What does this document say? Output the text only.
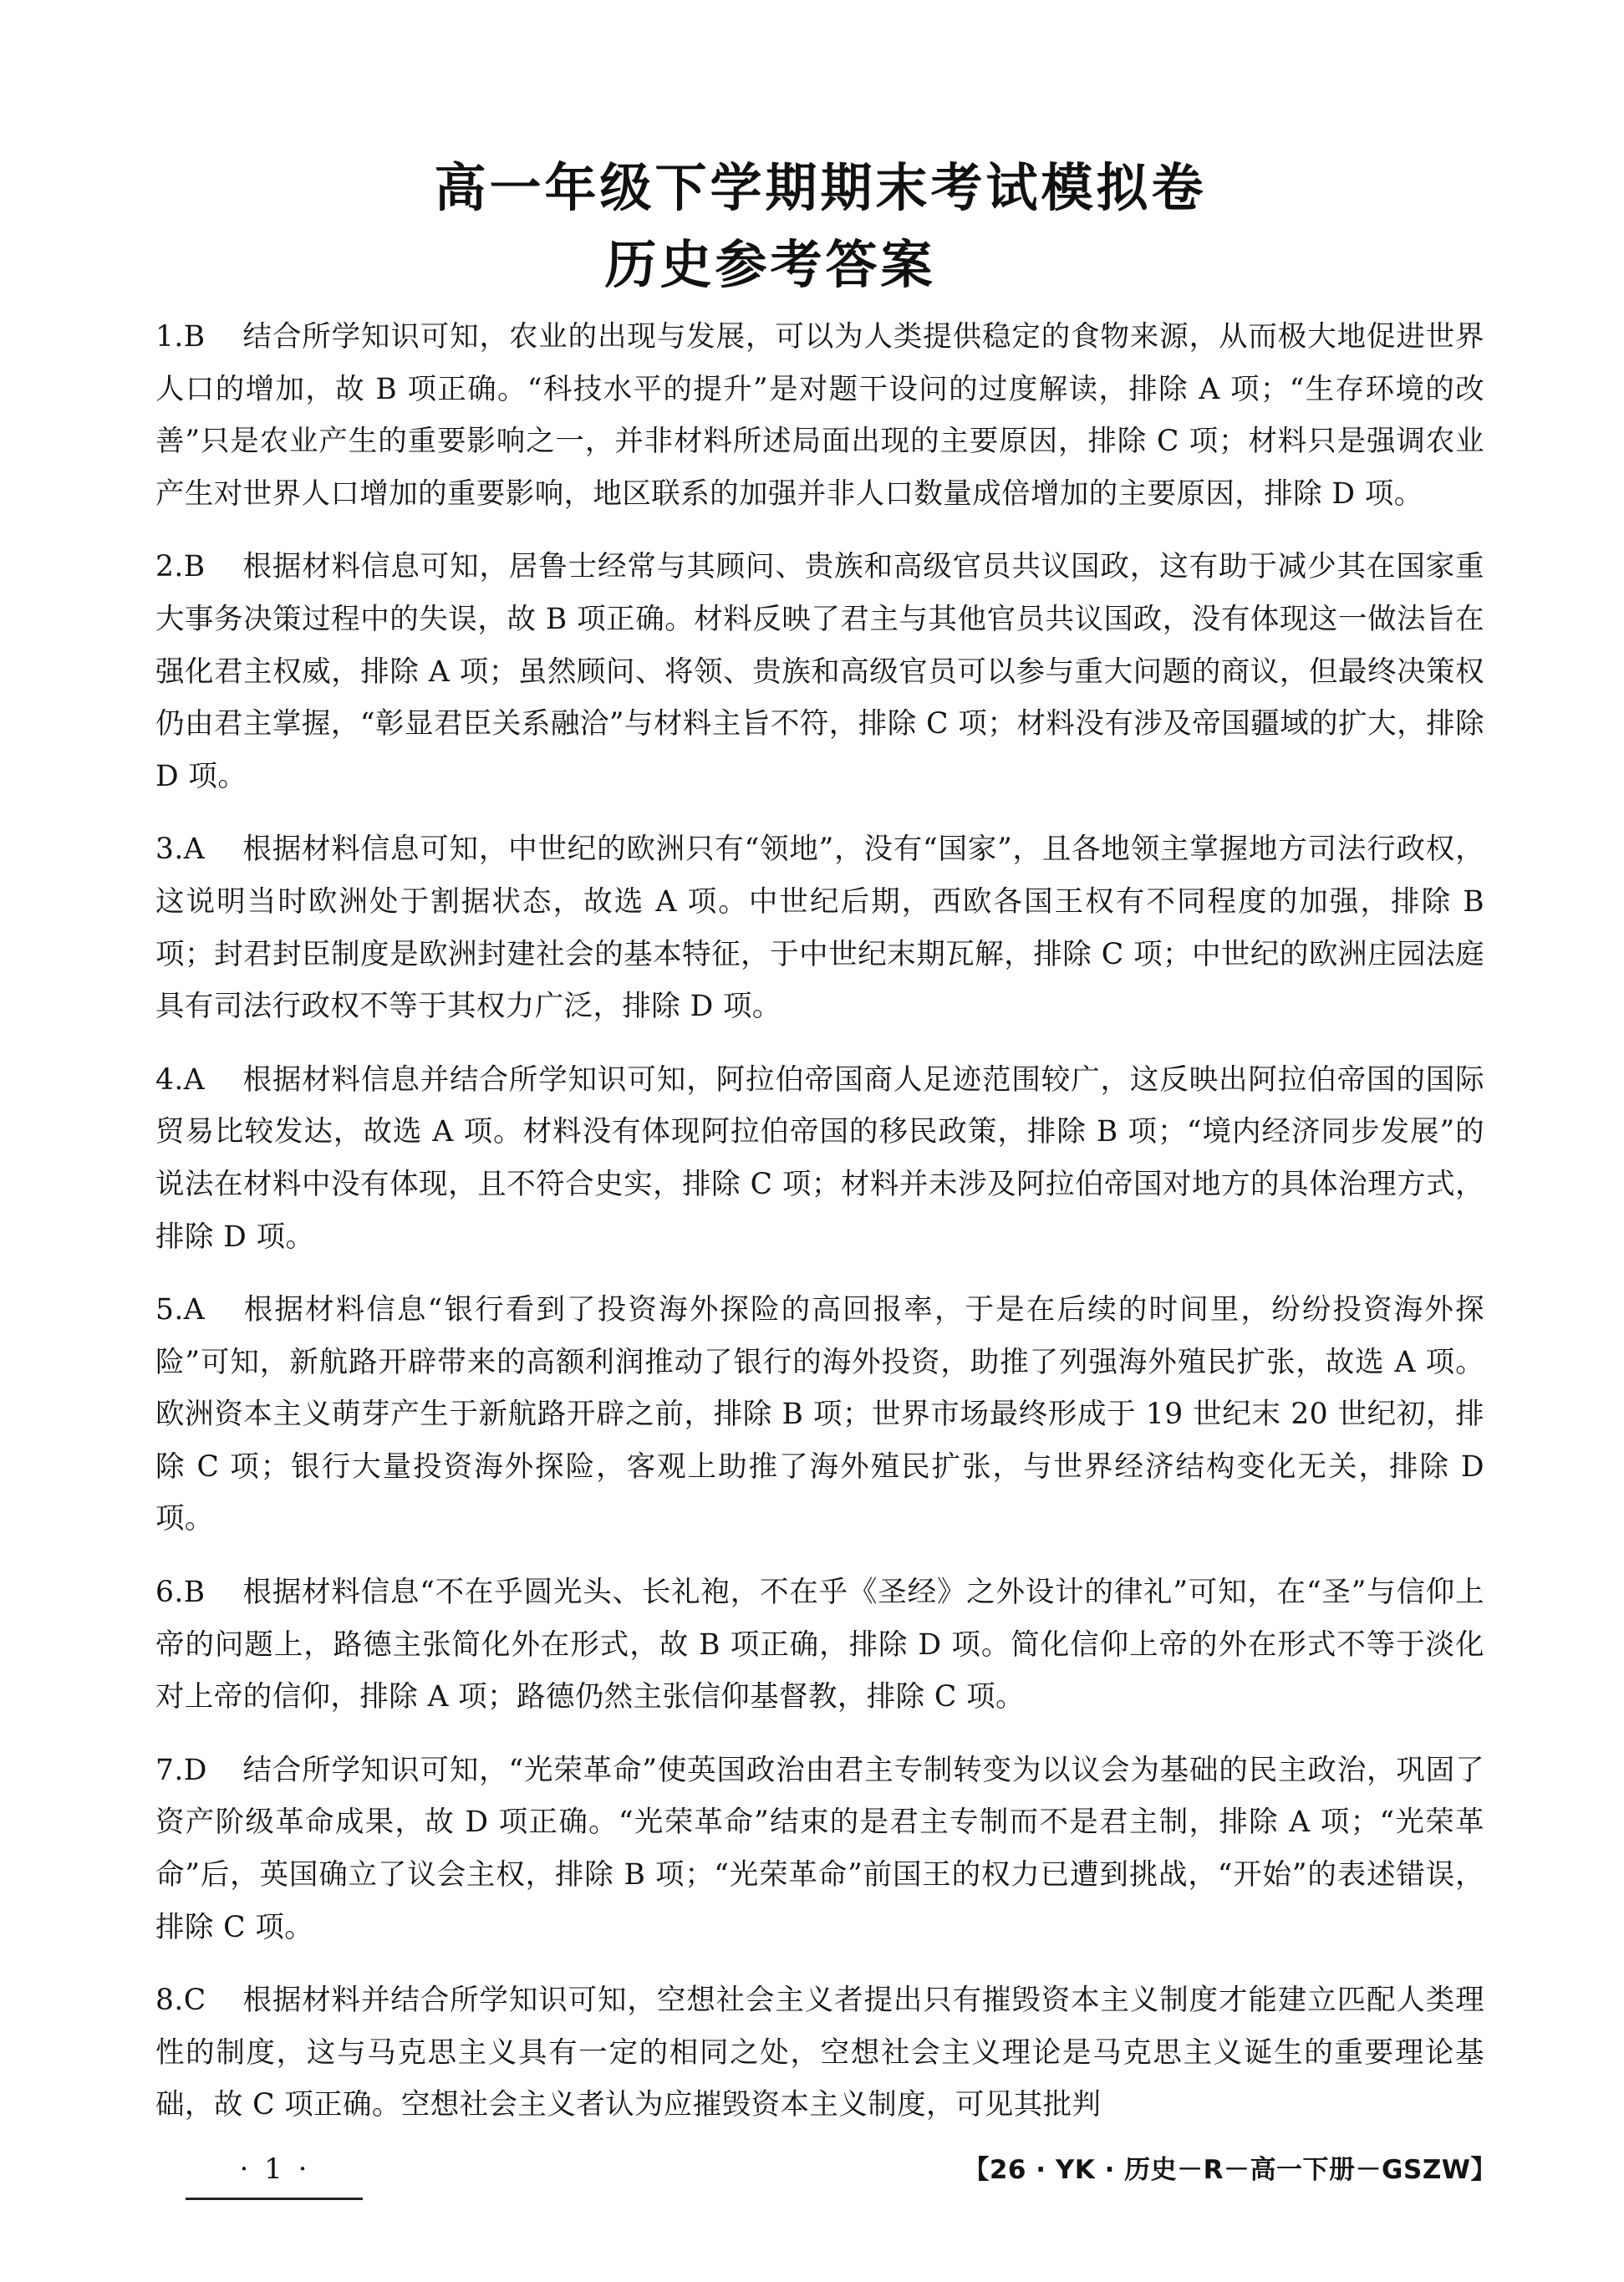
高一年级下学期期末考试模拟卷
历史参考答案

1.B 结合所学知识可知，农业的出现与发展，可以为人类提供稳定的食物来源，从而极大地促进世界人口的增加，故 B 项正确。“科技水平的提升”是对题干设问的过度解读，排除 A 项；“生存环境的改善”只是农业产生的重要影响之一，并非材料所述局面出现的主要原因，排除 C 项；材料只是强调农业产生对世界人口增加的重要影响，地区联系的加强并非人口数量成倍增加的主要原因，排除 D 项。

2.B 根据材料信息可知，居鲁士经常与其顾问、贵族和高级官员共议国政，这有助于减少其在国家重大事务决策过程中的失误，故 B 项正确。材料反映了君主与其他官员共议国政，没有体现这一做法旨在强化君主权威，排除 A 项；虽然顾问、将领、贵族和高级官员可以参与重大问题的商议，但最终决策权仍由君主掌握，“彰显君臣关系融洽”与材料主旨不符，排除 C 项；材料没有涉及帝国疆域的扩大，排除 D 项。

3.A 根据材料信息可知，中世纪的欧洲只有“领地”，没有“国家”，且各地领主掌握地方司法行政权，这说明当时欧洲处于割据状态，故选 A 项。中世纪后期，西欧各国王权有不同程度的加强，排除 B 项；封君封臣制度是欧洲封建社会的基本特征，于中世纪末期瓦解，排除 C 项；中世纪的欧洲庄园法庭具有司法行政权不等于其权力广泛，排除 D 项。

4.A 根据材料信息并结合所学知识可知，阿拉伯帝国商人足迹范围较广，这反映出阿拉伯帝国的国际贸易比较发达，故选 A 项。材料没有体现阿拉伯帝国的移民政策，排除 B 项；“境内经济同步发展”的说法在材料中没有体现，且不符合史实，排除 C 项；材料并未涉及阿拉伯帝国对地方的具体治理方式，排除 D 项。

5.A 根据材料信息“银行看到了投资海外探险的高回报率，于是在后续的时间里，纷纷投资海外探险”可知，新航路开辟带来的高额利润推动了银行的海外投资，助推了列强海外殖民扩张，故选 A 项。欧洲资本主义萌芽产生于新航路开辟之前，排除 B 项；世界市场最终形成于 19 世纪末 20 世纪初，排除 C 项；银行大量投资海外探险，客观上助推了海外殖民扩张，与世界经济结构变化无关，排除 D 项。

6.B 根据材料信息“不在乎圆光头、长礼袍，不在乎《圣经》之外设计的律礼”可知，在“圣”与信仰上帝的问题上，路德主张简化外在形式，故 B 项正确，排除 D 项。简化信仰上帝的外在形式不等于淡化对上帝的信仰，排除 A 项；路德仍然主张信仰基督教，排除 C 项。

7.D 结合所学知识可知，“光荣革命”使英国政治由君主专制转变为以议会为基础的民主政治，巩固了资产阶级革命成果，故 D 项正确。“光荣革命”结束的是君主专制而不是君主制，排除 A 项；“光荣革命”后，英国确立了议会主权，排除 B 项；“光荣革命”前国王的权力已遭到挑战，“开始”的表述错误，排除 C 项。

8.C 根据材料并结合所学知识可知，空想社会主义者提出只有摧毁资本主义制度才能建立匹配人类理性的制度，这与马克思主义具有一定的相同之处，空想社会主义理论是马克思主义诞生的重要理论基础，故 C 项正确。空想社会主义者认为应摧毁资本主义制度，可见其批判

· 1 ·	【26 · YK · 历史－R－高一下册－GSZW】
